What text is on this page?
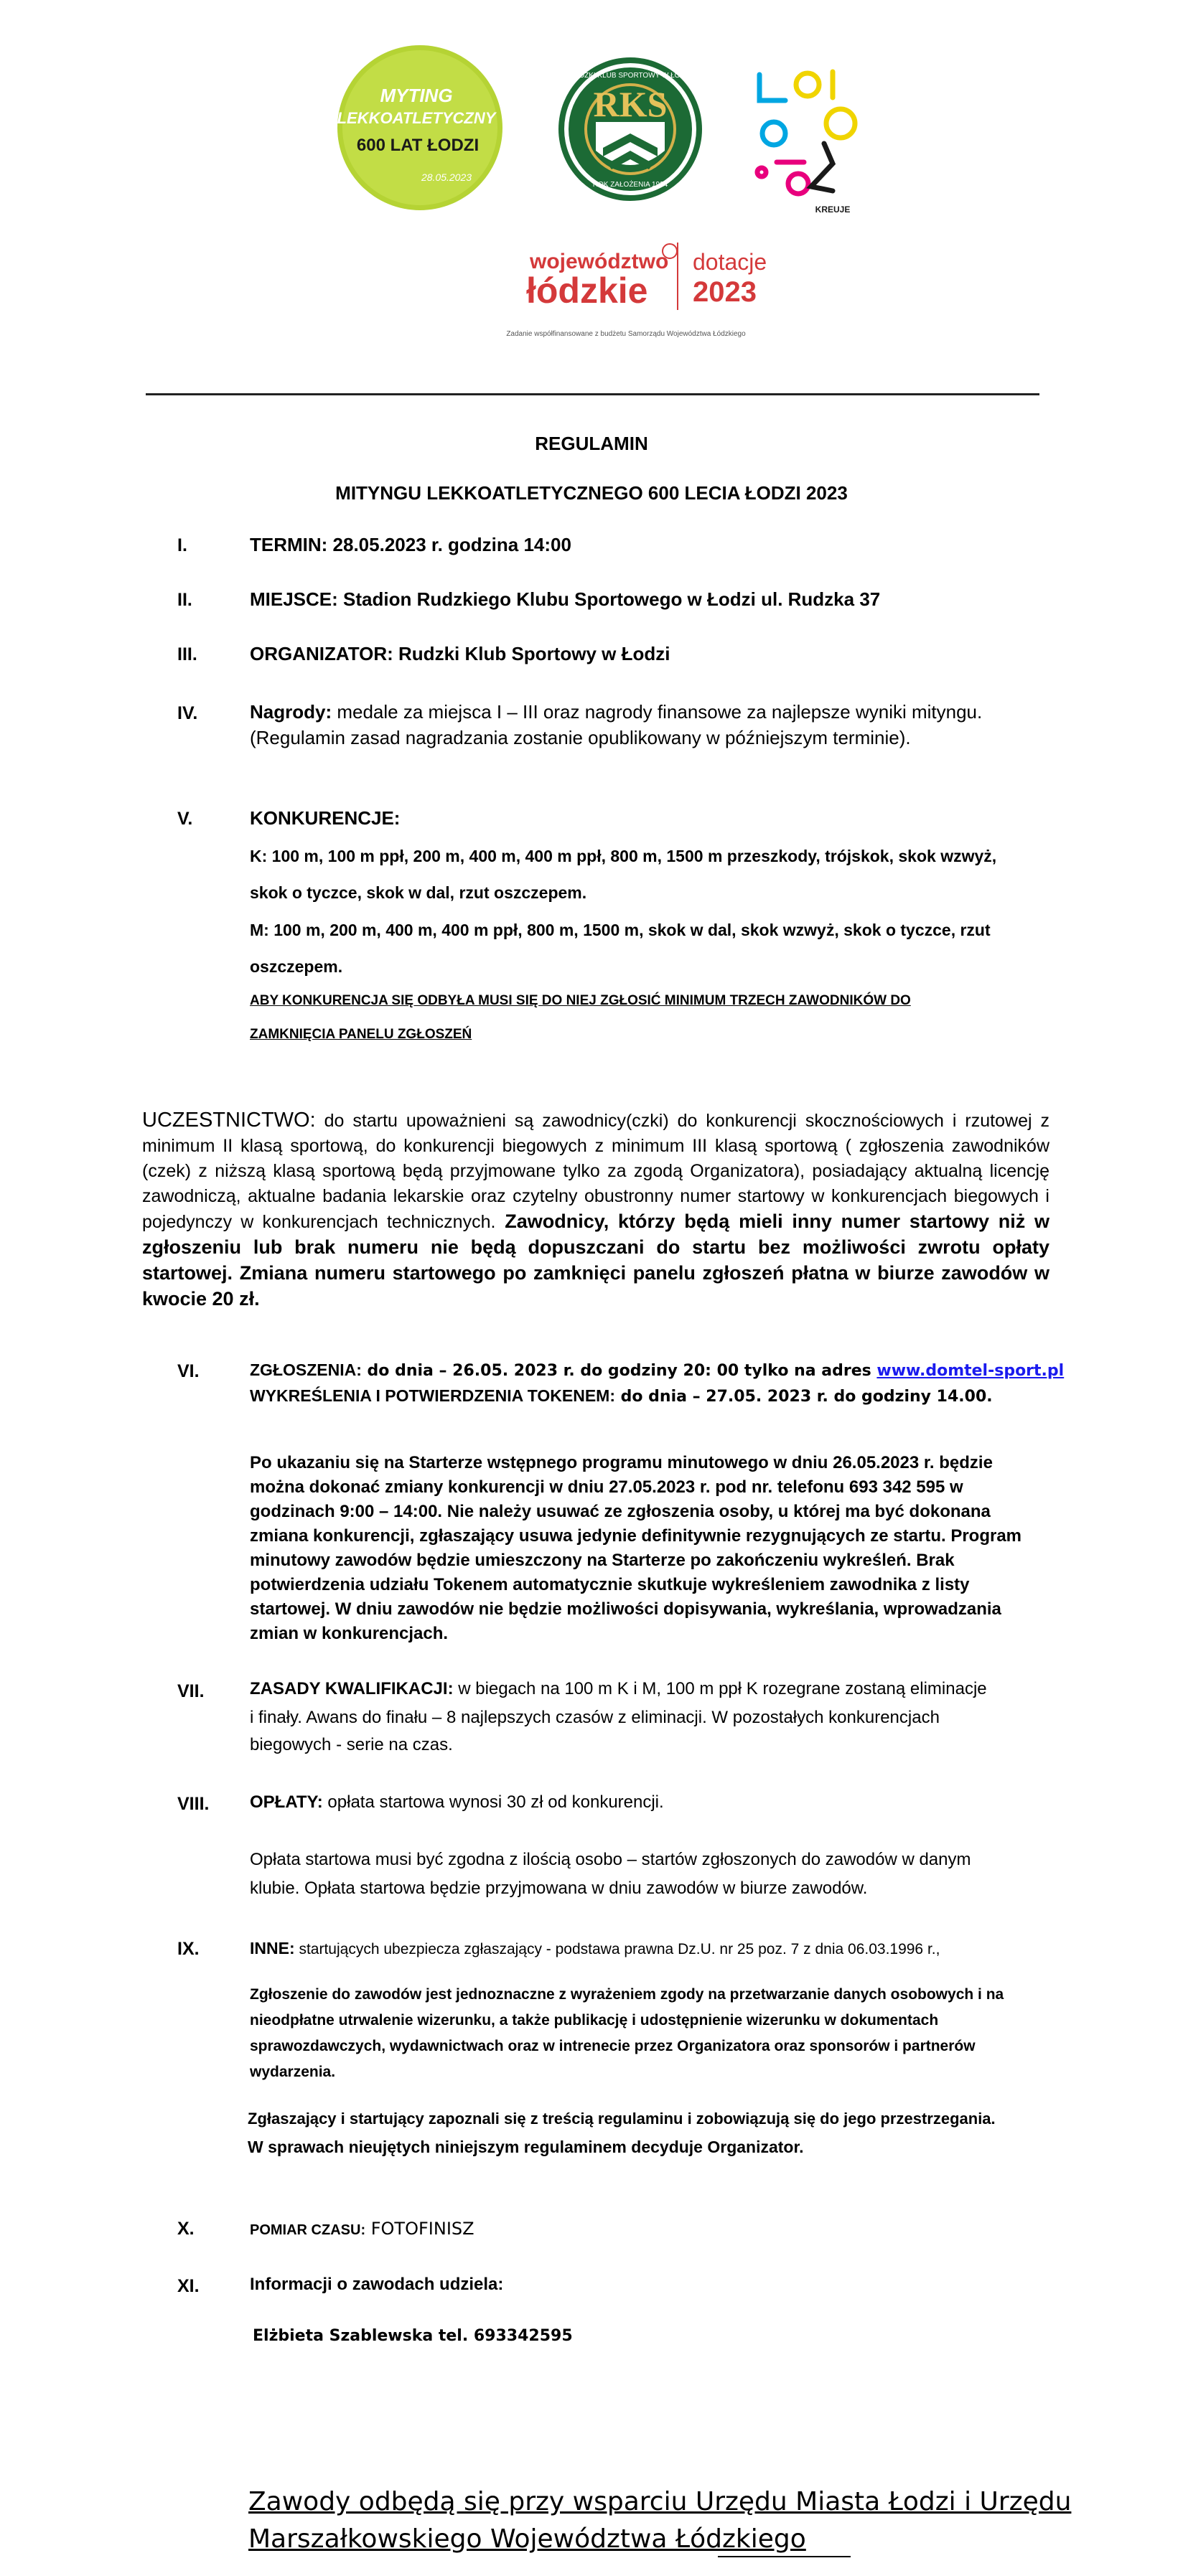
MYTING
LEKKOATLETYCZNY
600 LAT ŁODZI
28.05.2023
RKS
RUDZKI KLUB SPORTOWY W ŁODZI
ROK ZAŁOŻENIA 1924
KREUJE
województwo
łódzkie
dotacje
2023
Zadanie współfinansowane z budżetu Samorządu Województwa Łódzkiego
REGULAMIN
MITYNGU LEKKOATLETYCZNEGO 600 LECIA ŁODZI 2023
I.	TERMIN: 28.05.2023 r. godzina 14:00
II.	MIEJSCE: Stadion Rudzkiego Klubu Sportowego w Łodzi ul. Rudzka 37
III.	ORGANIZATOR: Rudzki Klub Sportowy w Łodzi
IV.	Nagrody: medale za miejsca I – III oraz nagrody finansowe za najlepsze wyniki mityngu.
(Regulamin zasad nagradzania zostanie opublikowany w późniejszym terminie).
V.	KONKURENCJE:
K: 100 m, 100 m ppł, 200 m, 400 m, 400 m ppł, 800 m, 1500 m przeszkody, trójskok, skok wzwyż,
skok o tyczce, skok w dal, rzut oszczepem.
M: 100 m, 200 m, 400 m, 400 m ppł, 800 m, 1500 m, skok w dal, skok wzwyż, skok o tyczce, rzut
oszczepem.
ABY KONKURENCJA SIĘ ODBYŁA MUSI SIĘ DO NIEJ ZGŁOSIĆ MINIMUM TRZECH ZAWODNIKÓW DO
ZAMKNIĘCIA PANELU ZGŁOSZEŃ
UCZESTNICTWO: do startu upoważnieni są zawodnicy(czki) do konkurencji skocznościowych i rzutowej z minimum II klasą sportową, do konkurencji biegowych z minimum III klasą sportową ( zgłoszenia zawodników (czek) z niższą klasą sportową będą przyjmowane tylko za zgodą Organizatora), posiadający aktualną licencję zawodniczą, aktualne badania lekarskie oraz czytelny obustronny numer startowy w konkurencjach biegowych i pojedynczy w konkurencjach technicznych. Zawodnicy, którzy będą mieli inny numer startowy niż w zgłoszeniu lub brak numeru nie będą dopuszczani do startu bez możliwości zwrotu opłaty startowej. Zmiana numeru startowego po zamknięci panelu zgłoszeń płatna w biurze zawodów w kwocie 20 zł.
VI.	ZGŁOSZENIA: do dnia – 26.05. 2023 r. do godziny 20: 00 tylko na adres www.domtel-sport.pl
WYKREŚLENIA I POTWIERDZENIA TOKENEM: do dnia – 27.05. 2023 r. do godziny 14.00.
Po ukazaniu się na Starterze wstępnego programu minutowego w dniu 26.05.2023 r. będzie można dokonać zmiany konkurencji w dniu 27.05.2023 r. pod nr. telefonu 693 342 595 w godzinach 9:00 – 14:00. Nie należy usuwać ze zgłoszenia osoby, u której ma być dokonana zmiana konkurencji, zgłaszający usuwa jedynie definitywnie rezygnujących ze startu. Program minutowy zawodów będzie umieszczony na Starterze po zakończeniu wykreśleń. Brak potwierdzenia udziału Tokenem automatycznie skutkuje wykreśleniem zawodnika z listy startowej. W dniu zawodów nie będzie możliwości dopisywania, wykreślania, wprowadzania zmian w konkurencjach.
VII.	ZASADY KWALIFIKACJI: w biegach na 100 m K i M, 100 m ppł K rozegrane zostaną eliminacje
i finały. Awans do finału – 8 najlepszych czasów z eliminacji. W pozostałych konkurencjach
biegowych - serie na czas.
VIII. OPŁATY: opłata startowa wynosi 30 zł od konkurencji.
Opłata startowa musi być zgodna z ilością osobo – startów zgłoszonych do zawodów w danym
klubie. Opłata startowa będzie przyjmowana w dniu zawodów w biurze zawodów.
IX.	INNE: startujących ubezpiecza zgłaszający - podstawa prawna Dz.U. nr 25 poz. 7 z dnia 06.03.1996 r.,
Zgłoszenie do zawodów jest jednoznaczne z wyrażeniem zgody na przetwarzanie danych osobowych i na nieodpłatne utrwalenie wizerunku, a także publikację i udostępnienie wizerunku w dokumentach sprawozdawczych, wydawnictwach oraz w intrenecie przez Organizatora oraz sponsorów i partnerów wydarzenia.
Zgłaszający i startujący zapoznali się z treścią regulaminu i zobowiązują się do jego przestrzegania.
W sprawach nieujętych niniejszym regulaminem decyduje Organizator.
X.	POMIAR CZASU: FOTOFINISZ
XI.	Informacji o zawodach udziela:
Elżbieta Szablewska tel. 693342595
Zawody odbędą się przy wsparciu Urzędu Miasta Łodzi i Urzędu
Marszałkowskiego Województwa Łódzkiego
